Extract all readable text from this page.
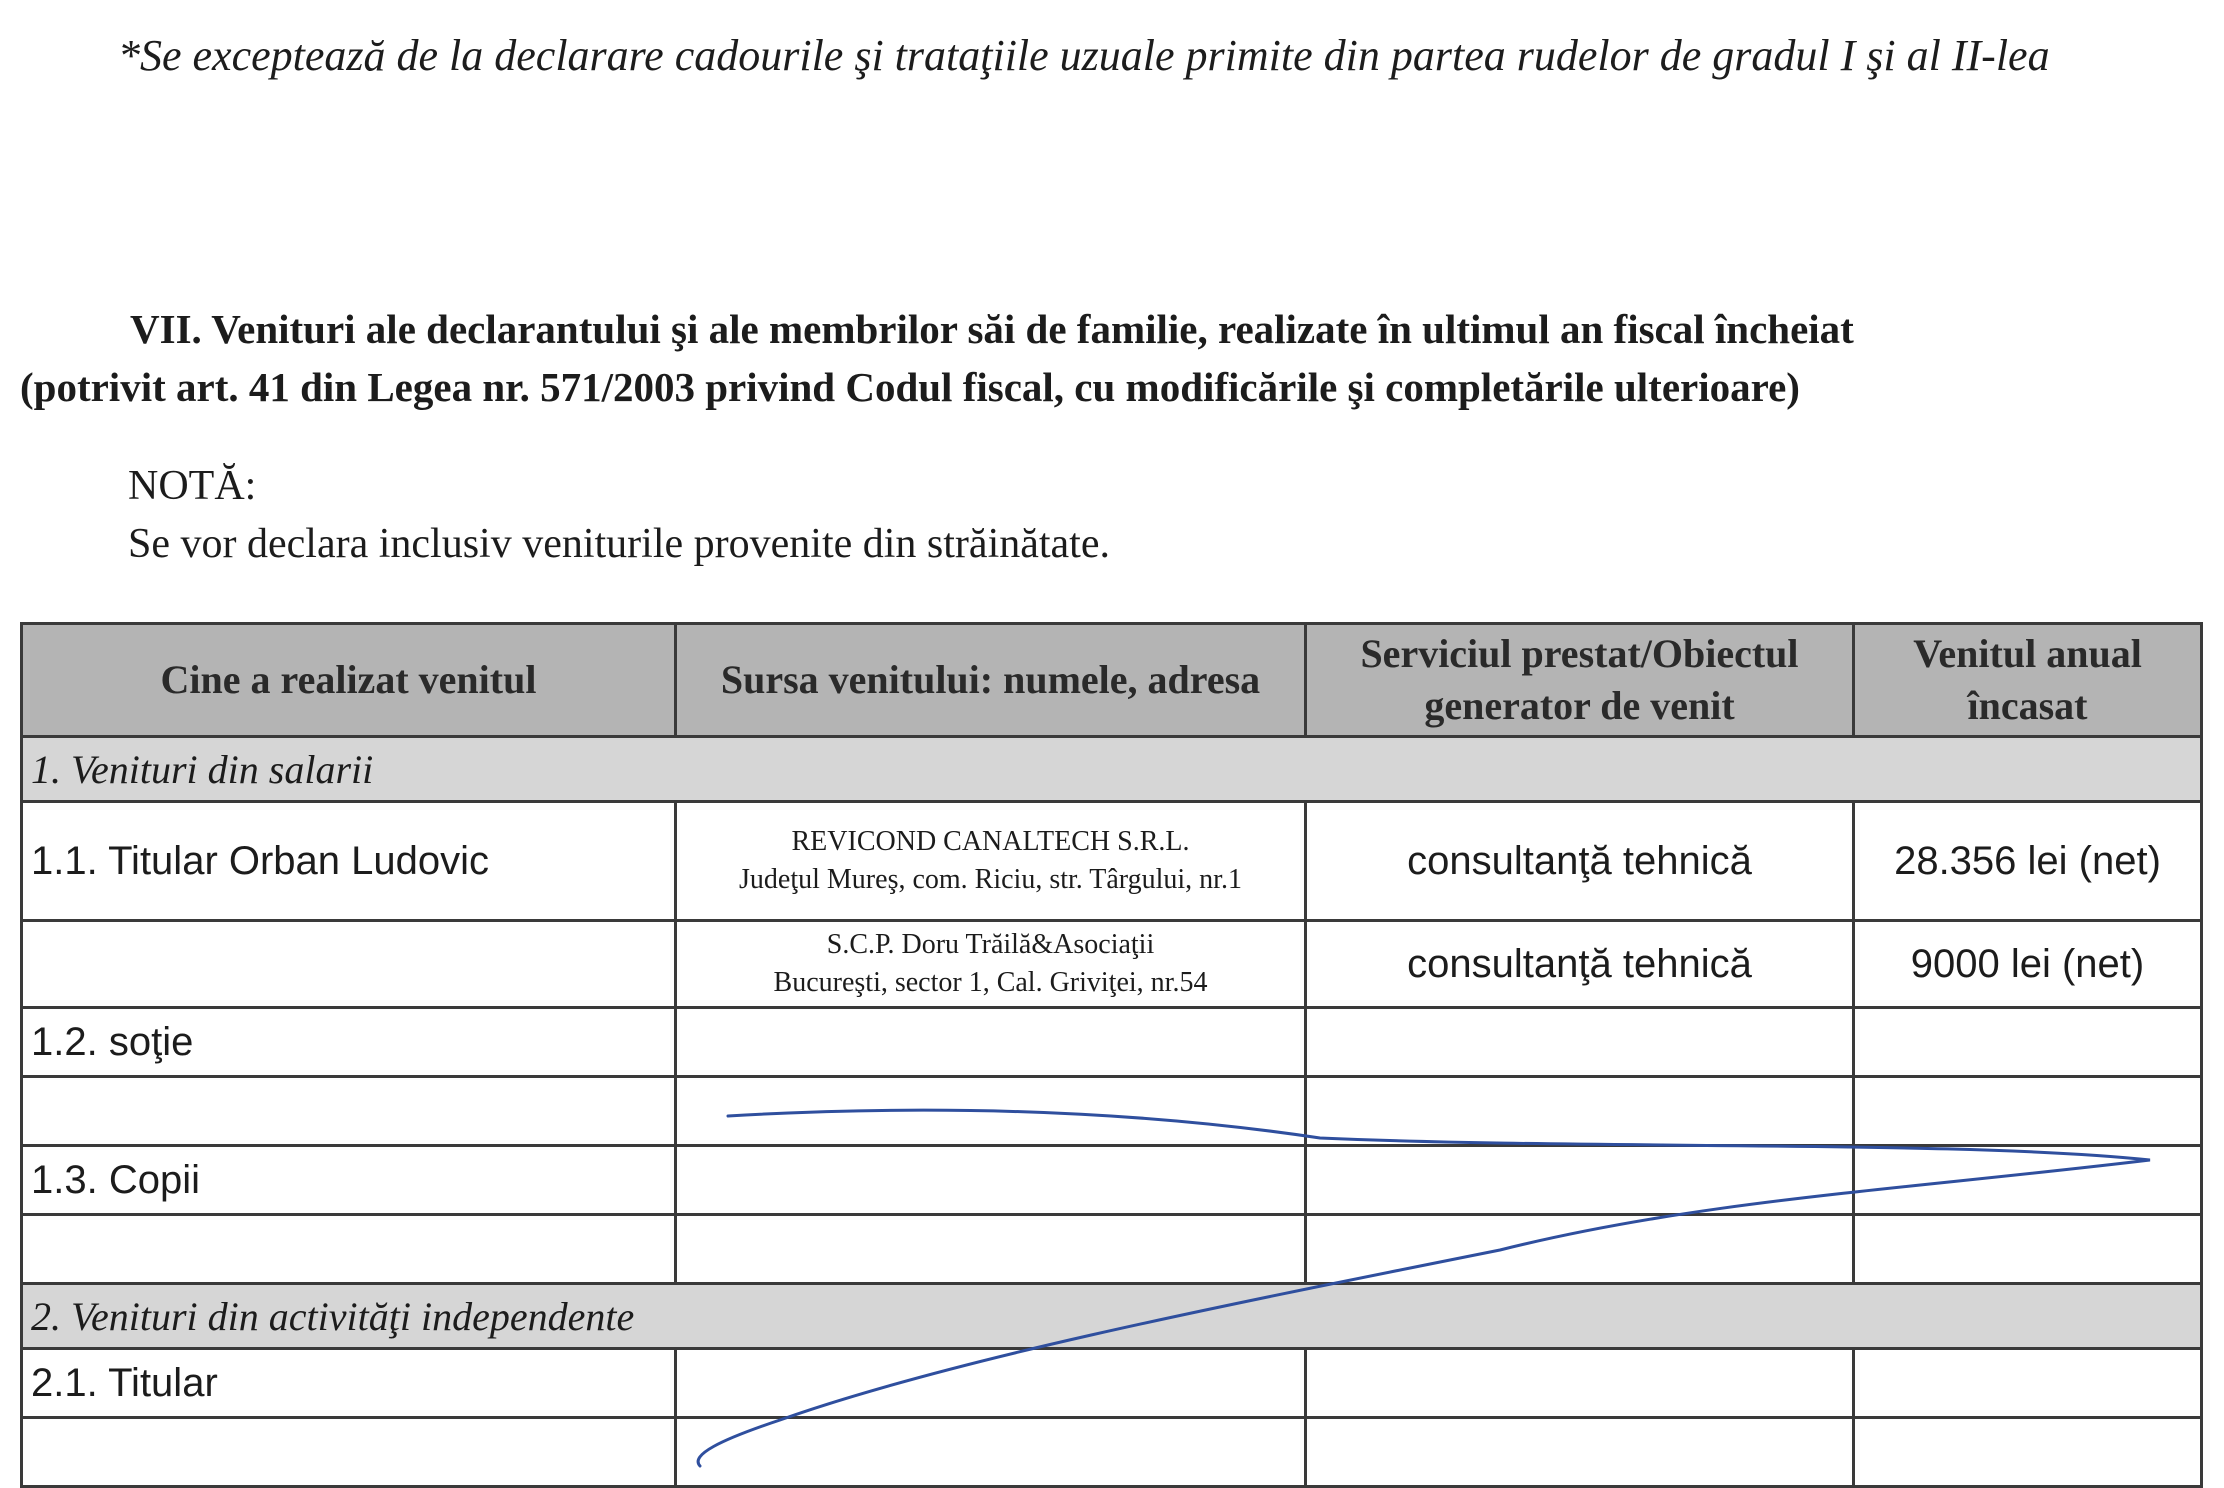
*Se exceptează de la declarare cadourile şi trataţiile uzuale primite din partea rudelor de gradul I şi al II-lea
VII. Venituri ale declarantului şi ale membrilor săi de familie, realizate în ultimul an fiscal încheiat
(potrivit art. 41 din Legea nr. 571/2003 privind Codul fiscal, cu modificările şi completările ulterioare)
NOTĂ:
Se vor declara inclusiv veniturile provenite din străinătate.
Cine a realizat venitul	Sursa venitului: numele, adresa	Serviciul prestat/Obiectul generator de venit	Venitul anual încasat
1. Venituri din salarii			
1.1. Titular Orban Ludovic	REVICOND CANALTECH S.R.L.
Judeţul Mureş, com. Riciu, str. Târgului, nr.1	consultanţă tehnică	28.356 lei (net)

	S.C.P. Doru Trăilă&Asociaţii
Bucureşti, sector 1, Cal. Griviţei, nr.54	consultanţă tehnică	9000 lei (net)
1.2. soţie			

1.3. Copii			

2. Venituri din activităţi independente			
2.1. Titular			
